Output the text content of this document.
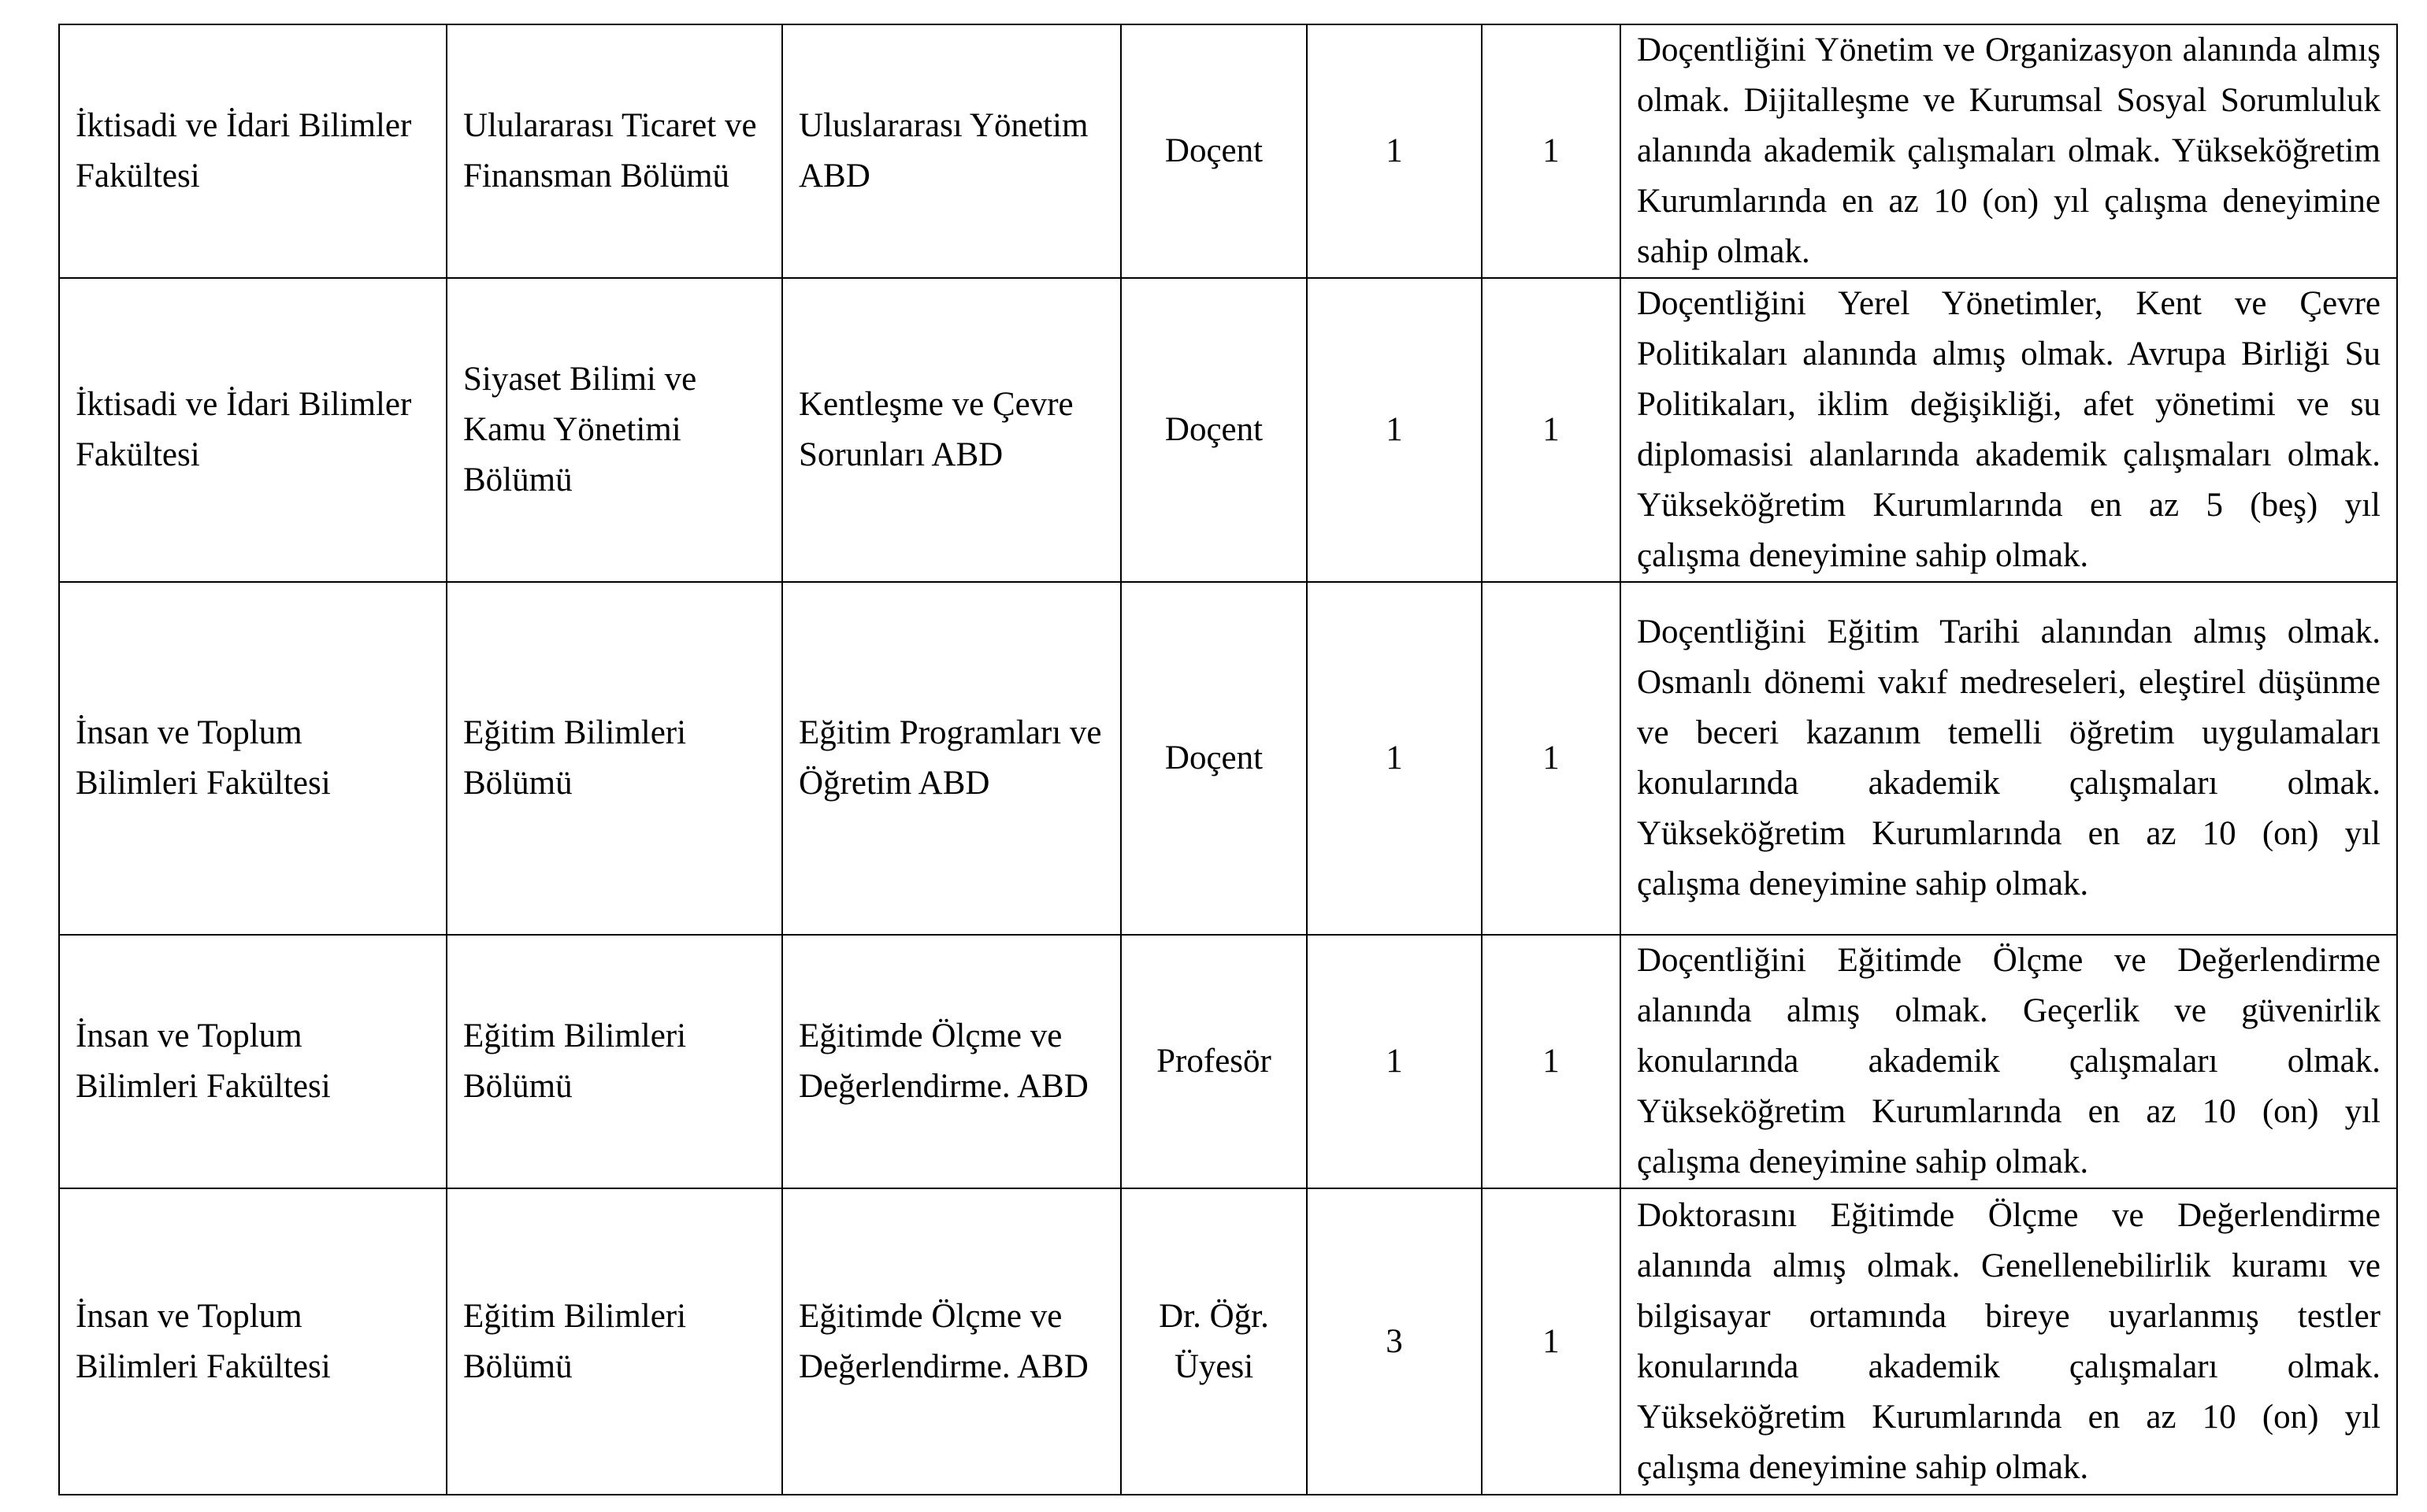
İktisadi ve İdari Bilimler Fakültesi	Ululararası Ticaret ve Finansman Bölümü	Uluslararası Yönetim ABD	Doçent	1	1	Doçentliğini Yönetim ve Organizasyon alanında almış olmak. Dijitalleşme ve Kurumsal Sosyal Sorumluluk alanında akademik çalışmaları olmak. Yükseköğretim Kurumlarında en az 10 (on) yıl çalışma deneyimine sahip olmak.

İktisadi ve İdari Bilimler Fakültesi	Siyaset Bilimi ve Kamu Yönetimi Bölümü	Kentleşme ve Çevre Sorunları ABD	Doçent	1	1	Doçentliğini Yerel Yönetimler, Kent ve Çevre Politikaları alanında almış olmak. Avrupa Birliği Su Politikaları, iklim değişikliği, afet yönetimi ve su diplomasisi alanlarında akademik çalışmaları olmak. Yükseköğretim Kurumlarında en az 5 (beş) yıl çalışma deneyimine sahip olmak.

İnsan ve Toplum Bilimleri Fakültesi	Eğitim Bilimleri Bölümü	Eğitim Programları ve Öğretim ABD	Doçent	1	1	Doçentliğini Eğitim Tarihi alanından almış olmak. Osmanlı dönemi vakıf medreseleri, eleştirel düşünme ve beceri kazanım temelli öğretim uygulamaları konularında akademik çalışmaları olmak. Yükseköğretim Kurumlarında en az 10 (on) yıl çalışma deneyimine sahip olmak.

İnsan ve Toplum Bilimleri Fakültesi	Eğitim Bilimleri Bölümü	Eğitimde Ölçme ve Değerlendirme. ABD	Profesör	1	1	Doçentliğini Eğitimde Ölçme ve Değerlendirme alanında almış olmak. Geçerlik ve güvenirlik konularında akademik çalışmaları olmak. Yükseköğretim Kurumlarında en az 10 (on) yıl çalışma deneyimine sahip olmak.

İnsan ve Toplum Bilimleri Fakültesi	Eğitim Bilimleri Bölümü	Eğitimde Ölçme ve Değerlendirme. ABD	Dr. Öğr. Üyesi	3	1	Doktorasını Eğitimde Ölçme ve Değerlendirme alanında almış olmak. Genellenebilirlik kuramı ve bilgisayar ortamında bireye uyarlanmış testler konularında akademik çalışmaları olmak. Yükseköğretim Kurumlarında en az 10 (on) yıl çalışma deneyimine sahip olmak.
